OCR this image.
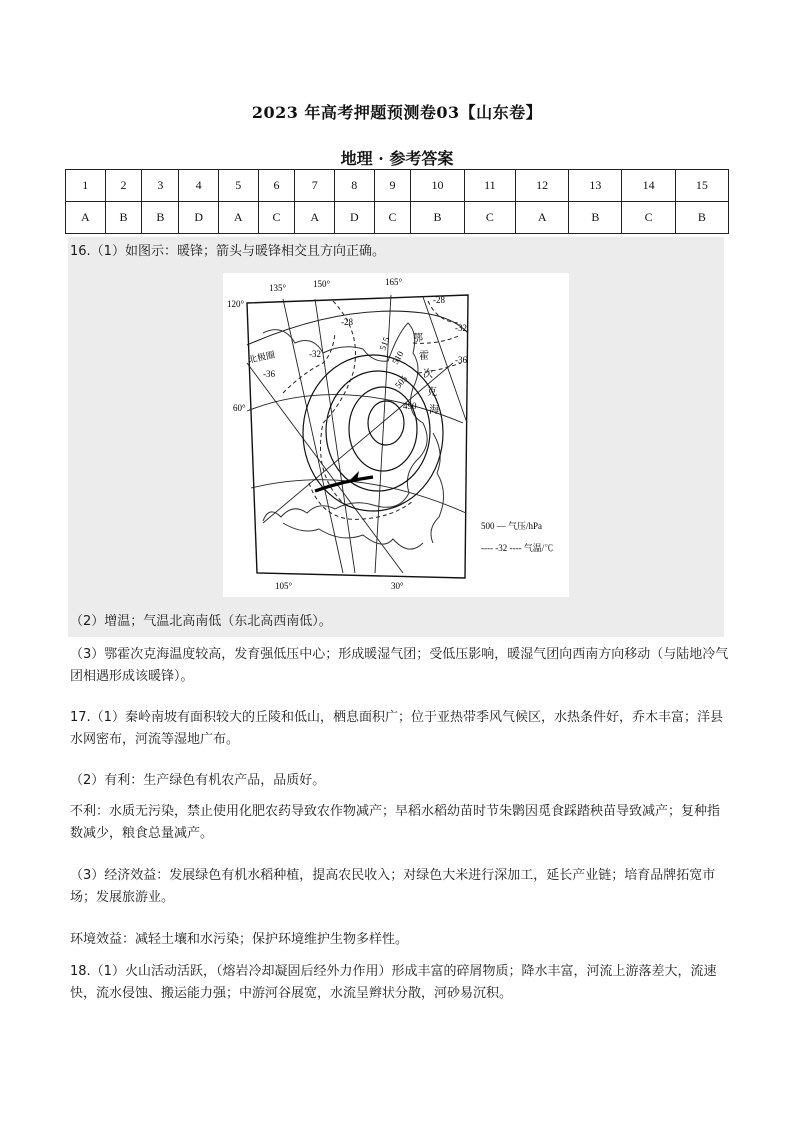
2023 年高考押题预测卷03【山东卷】
地理 · 参考答案
1	2	3	4	5	6	7	8	9	10	11	12	13	14	15
A	B	B	D	A	C	A	D	C	B	C	A	B	C	B
16.（1）如图示：暖锋；箭头与暖锋相交且方向正确。
120°
135°	150°	165°
105°	30°
60°
北极圈
-28
-32
-36
-28
-32
-36
515
510
505
490
鄂
霍
次
克
海
500 — 气压/hPa
---- -32 ---- 气温/℃
（2）增温；气温北高南低（东北高西南低）。
（3）鄂霍次克海温度较高，发育强低压中心；形成暖湿气团；受低压影响，暖湿气团向西南方向移动（与陆地冷气团相遇形成该暖锋）。
17.（1）秦岭南坡有面积较大的丘陵和低山，栖息面积广；位于亚热带季风气候区，水热条件好，乔木丰富；洋县水网密布，河流等湿地广布。
（2）有利：生产绿色有机农产品，品质好。
不利：水质无污染，禁止使用化肥农药导致农作物减产；早稻水稻幼苗时节朱鹮因觅食踩踏秧苗导致减产；复种指数减少，粮食总量减产。
（3）经济效益：发展绿色有机水稻种植，提高农民收入；对绿色大米进行深加工，延长产业链；培育品牌拓宽市场；发展旅游业。
环境效益：减轻土壤和水污染；保护环境维护生物多样性。
18.（1）火山活动活跃，（熔岩冷却凝固后经外力作用）形成丰富的碎屑物质；降水丰富，河流上游落差大，流速快，流水侵蚀、搬运能力强；中游河谷展宽，水流呈辫状分散，河砂易沉积。
